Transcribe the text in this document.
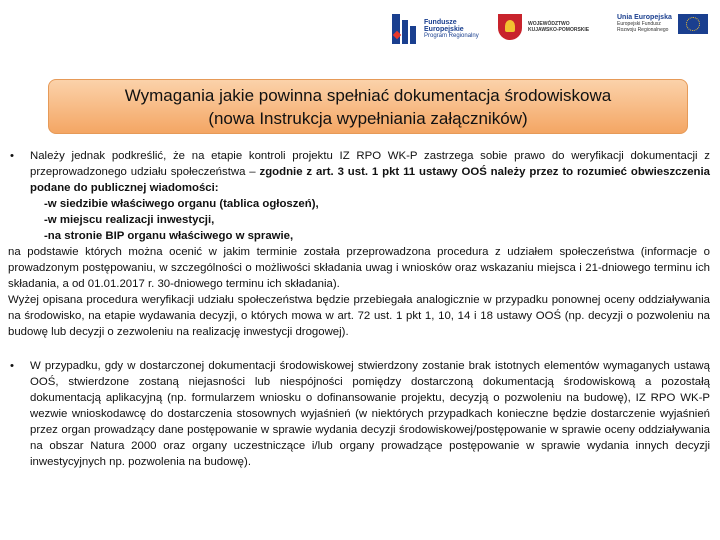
Fundusze
Europejskie
Program Regionalny
WOJEWÓDZTWO
KUJAWSKO-POMORSKIE
Unia Europejska
Europejski Fundusz
Rozwoju Regionalnego
Wymagania jakie powinna spełniać dokumentacja środowiskowa
(nowa Instrukcja wypełniania załączników)
• Należy jednak podkreślić, że na etapie kontroli projektu IZ RPO WK-P zastrzega sobie prawo do weryfikacji dokumentacji z przeprowadzonego udziału społeczeństwa – zgodnie z art. 3 ust. 1 pkt 11 ustawy OOŚ należy przez to rozumieć obwieszczenia podane do publicznej wiadomości:
-w siedzibie właściwego organu (tablica ogłoszeń),
-w miejscu realizacji inwestycji,
-na stronie BIP organu właściwego w sprawie,
na podstawie których można ocenić w jakim terminie została przeprowadzona procedura z udziałem społeczeństwa (informacje o prowadzonym postępowaniu, w szczególności o możliwości składania uwag i wniosków oraz wskazaniu miejsca i 21-dniowego terminu ich składania, a od 01.01.2017 r. 30-dniowego terminu ich składania).
Wyżej opisana procedura weryfikacji udziału społeczeństwa będzie przebiegała analogicznie w przypadku ponownej oceny oddziaływania na środowisko, na etapie wydawania decyzji, o których mowa w art. 72 ust. 1 pkt 1, 10, 14 i 18 ustawy OOŚ (np. decyzji o pozwoleniu na budowę lub decyzji o zezwoleniu na realizację inwestycji drogowej).
• W przypadku, gdy w dostarczonej dokumentacji środowiskowej stwierdzony zostanie brak istotnych elementów wymaganych ustawą OOŚ, stwierdzone zostaną niejasności lub niespójności pomiędzy dostarczoną dokumentacją środowiskową a pozostałą dokumentacją aplikacyjną (np. formularzem wniosku o dofinansowanie projektu, decyzją o pozwoleniu na budowę), IZ RPO WK-P wezwie wnioskodawcę do dostarczenia stosownych wyjaśnień (w niektórych przypadkach konieczne będzie dostarczenie wyjaśnień przez organ prowadzący dane postępowanie w sprawie wydania decyzji środowiskowej/postępowanie w sprawie oceny oddziaływania na obszar Natura 2000 oraz organy uczestniczące i/lub organy prowadzące postępowanie w sprawie wydania innych decyzji inwestycyjnych np. pozwolenia na budowę).
